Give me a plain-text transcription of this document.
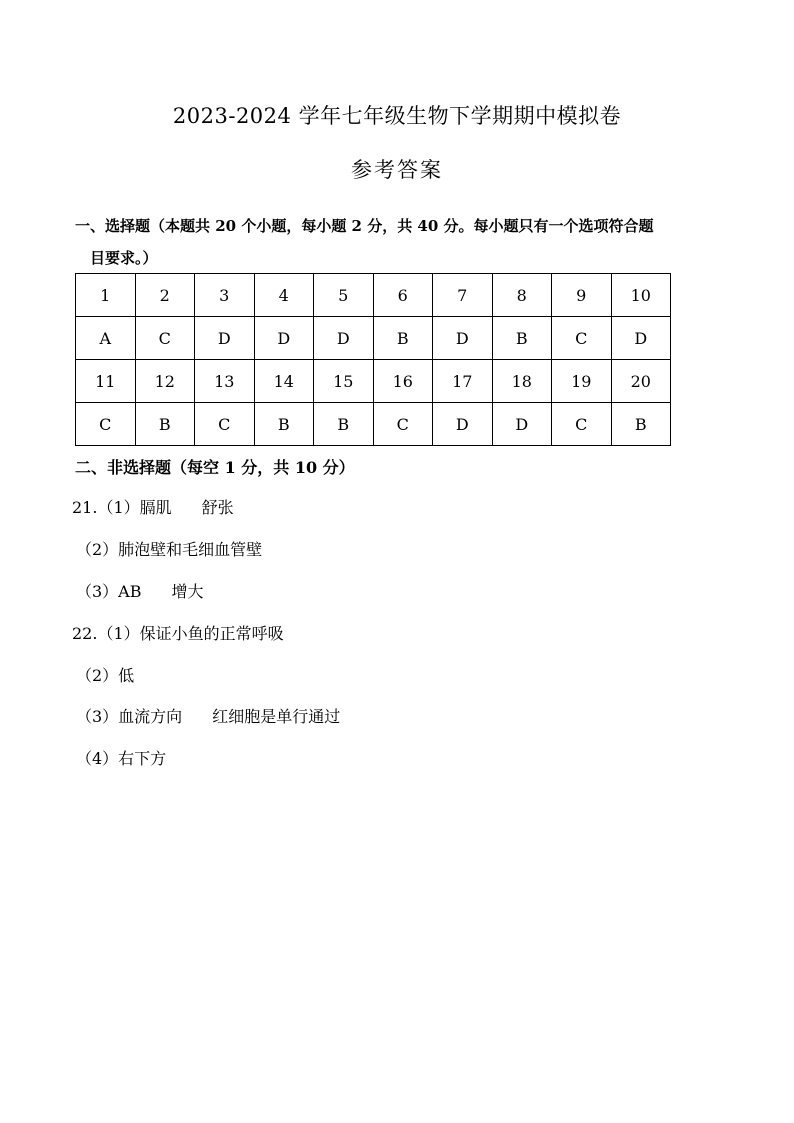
2023-2024 学年七年级生物下学期期中模拟卷
参考答案
一、选择题（本题共 20 个小题，每小题 2 分，共 40 分。每小题只有一个选项符合题
目要求。）
1	2	3	4	5	6	7	8	9	10
A	C	D	D	D	B	D	B	C	D
11	12	13	14	15	16	17	18	19	20
C	B	C	B	B	C	D	D	C	B
二、非选择题（每空 1 分，共 10 分）
21.（1）膈肌 舒张
（2）肺泡壁和毛细血管壁
（3）AB 增大
22.（1）保证小鱼的正常呼吸
（2）低
（3）血流方向 红细胞是单行通过
（4）右下方
